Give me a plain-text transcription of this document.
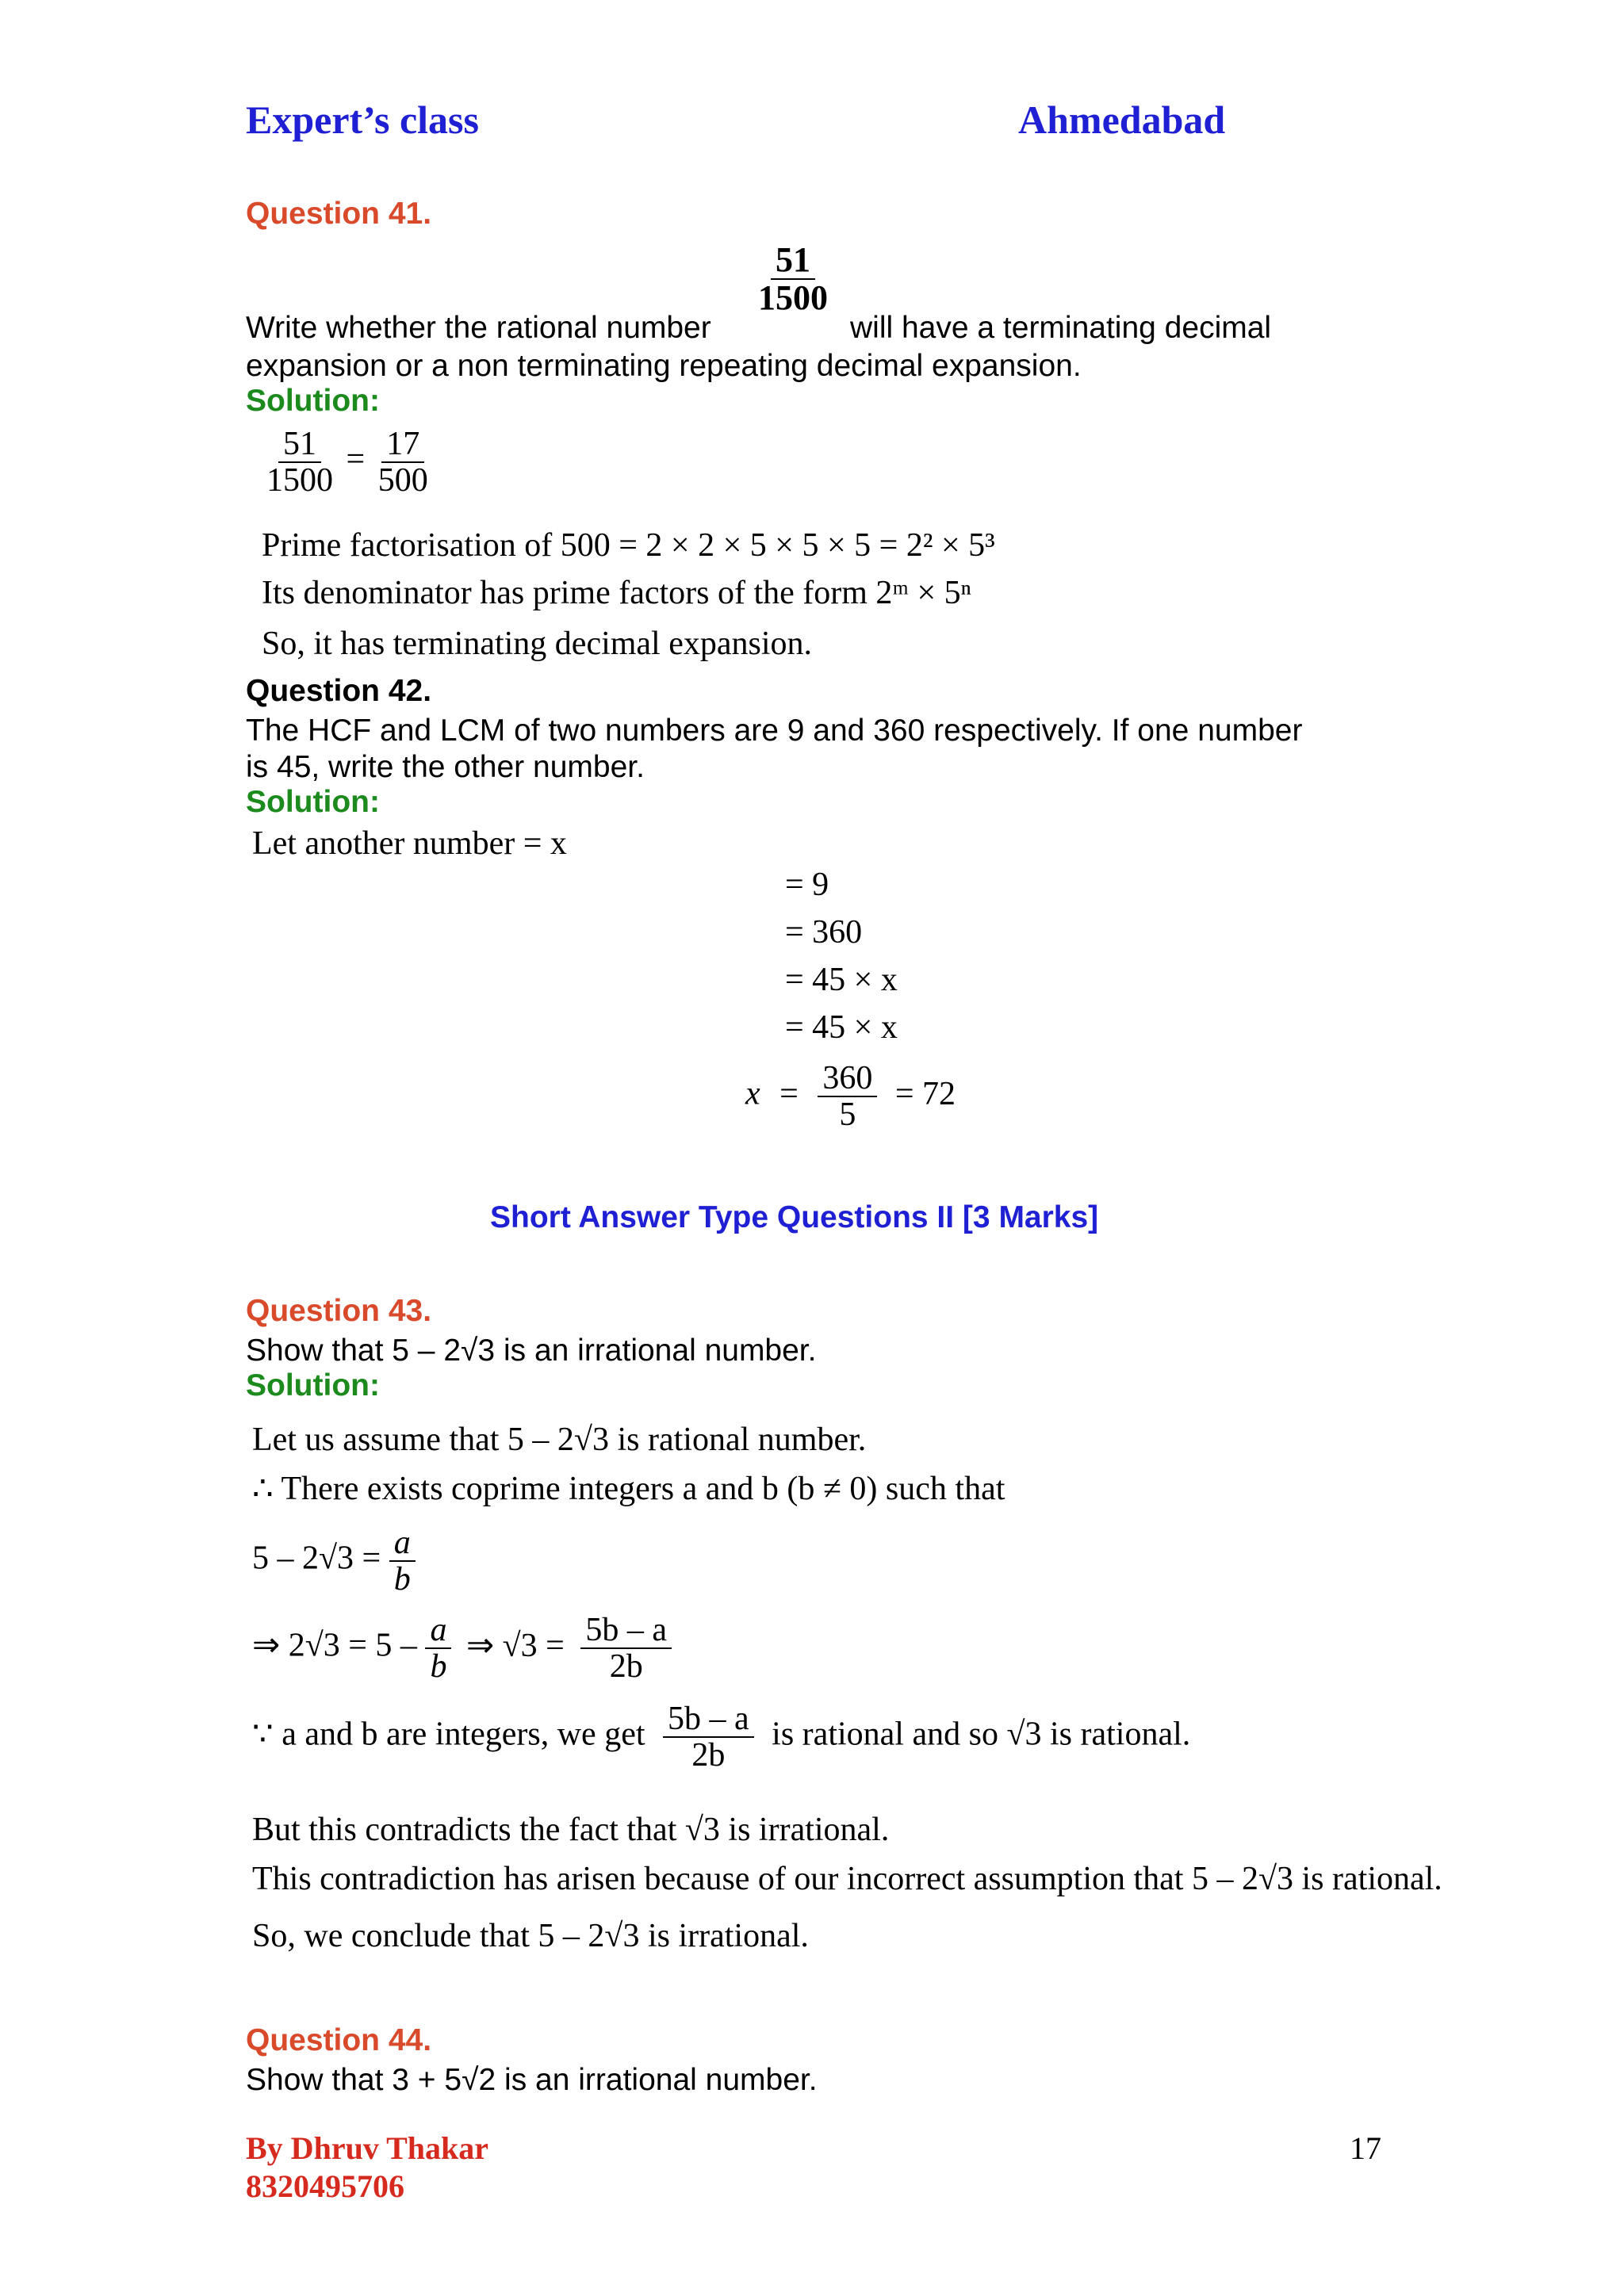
Expert’s class	Ahmedabad
Question 41.
$\frac{51}{1500}$
Write whether the rational number	will have a terminating decimal
expansion or a non terminating repeating decimal expansion.
Solution:
$\frac{51}{1500} = \frac{17}{500}$
Prime factorisation of 500 = 2 × 2 × 5 × 5 × 5 = 2² × 5³
Its denominator has prime factors of the form 2ᵐ × 5ⁿ
So, it has terminating decimal expansion.
Question 42.
The HCF and LCM of two numbers are 9 and 360 respectively. If one number
is 45, write the other number.
Solution:
Let another number = x
= 9
= 360
= 45 × x
= 45 × x
$x = \frac{360}{5} = 72$
Short Answer Type Questions II [3 Marks]
Question 43.
Show that 5 – 2√3 is an irrational number.
Solution:
Let us assume that 5 – 2√3 is rational number.
∴ There exists coprime integers a and b (b ≠ 0) such that
$5 - 2√3 = \frac{a}{b}$
⇒ $2√3 = 5 - \frac{a}{b}$ ⇒ $√3 = \frac{5b - a}{2b}$
∵ a and b are integers, we get $\frac{5b - a}{2b}$ is rational and so √3 is rational.
But this contradicts the fact that √3 is irrational.
This contradiction has arisen because of our incorrect assumption that 5 – 2√3 is rational.
So, we conclude that 5 – 2√3 is irrational.
Question 44.
Show that 3 + 5√2 is an irrational number.
By Dhruv Thakar
8320495706
17
